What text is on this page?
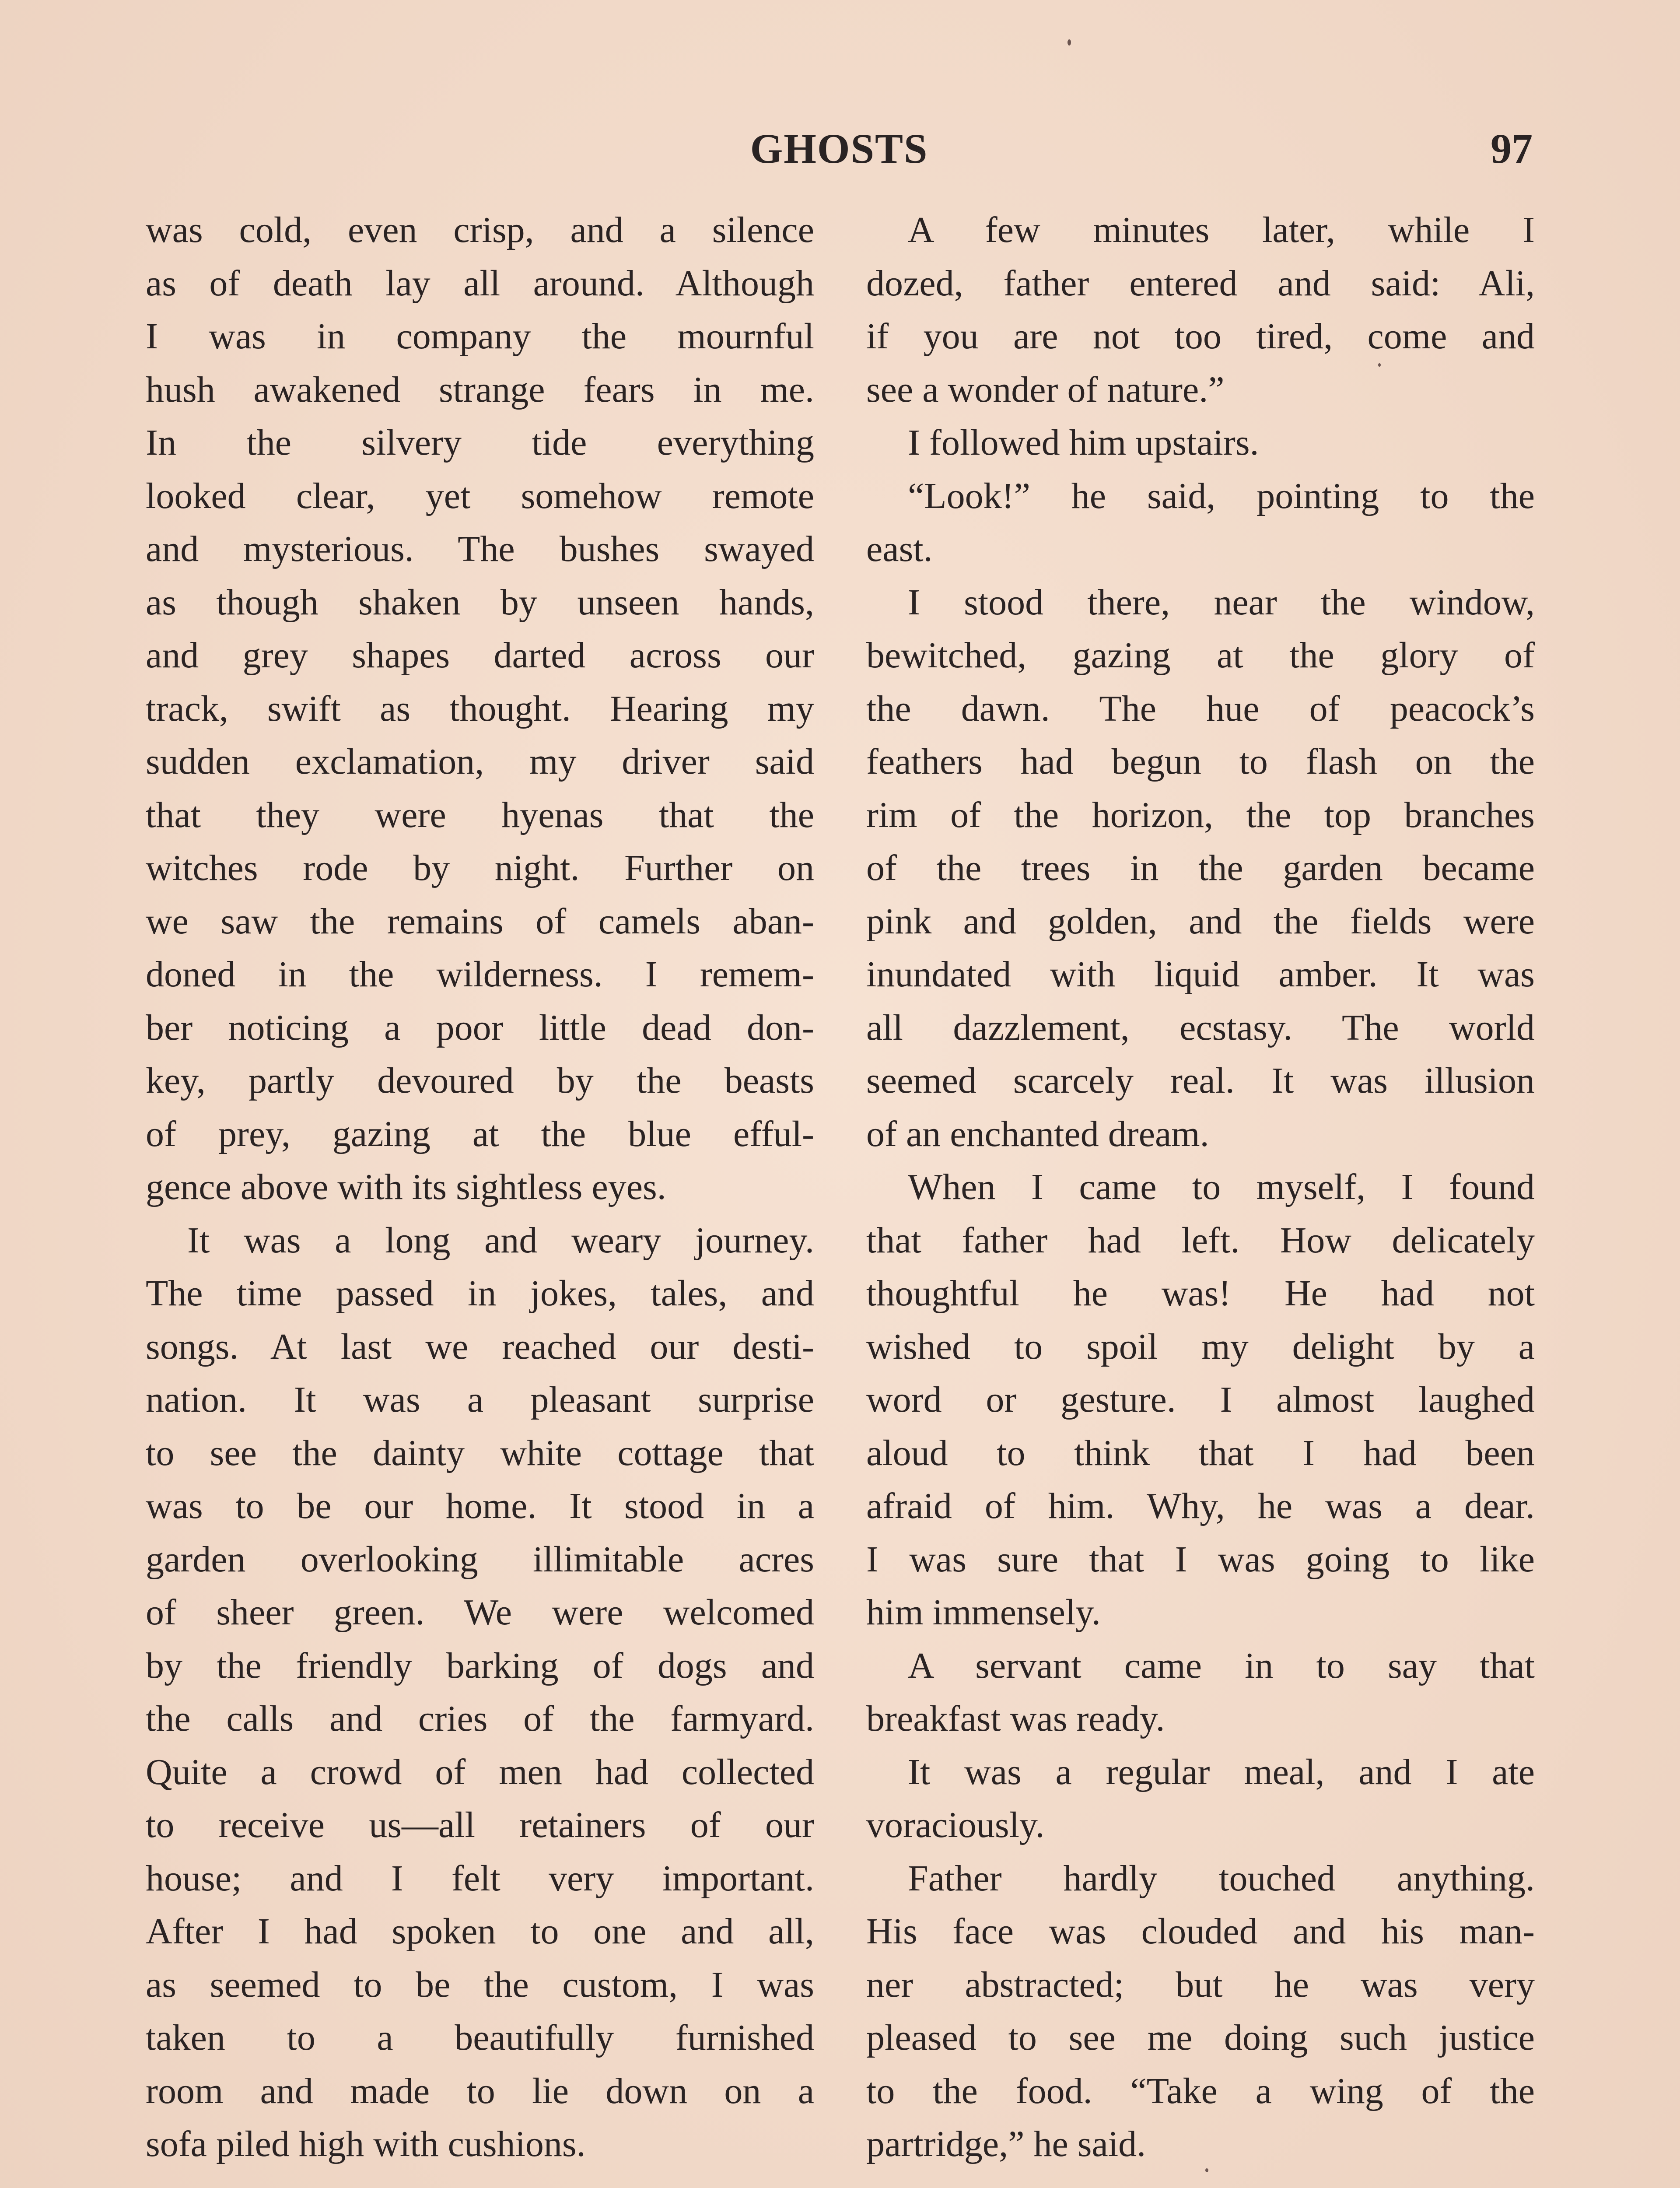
GHOSTS	97

was cold, even crisp, and a silence
as of death lay all around. Although
I was in company the mournful
hush awakened strange fears in me.
In the silvery tide everything
looked clear, yet somehow remote
and mysterious. The bushes swayed
as though shaken by unseen hands,
and grey shapes darted across our
track, swift as thought. Hearing my
sudden exclamation, my driver said
that they were hyenas that the
witches rode by night. Further on
we saw the remains of camels aban-
doned in the wilderness. I remem-
ber noticing a poor little dead don-
key, partly devoured by the beasts
of prey, gazing at the blue efful-
gence above with its sightless eyes.

It was a long and weary journey.
The time passed in jokes, tales, and
songs. At last we reached our desti-
nation. It was a pleasant surprise
to see the dainty white cottage that
was to be our home. It stood in a
garden overlooking illimitable acres
of sheer green. We were welcomed
by the friendly barking of dogs and
the calls and cries of the farmyard.
Quite a crowd of men had collected
to receive us—all retainers of our
house; and I felt very important.
After I had spoken to one and all,
as seemed to be the custom, I was
taken to a beautifully furnished
room and made to lie down on a
sofa piled high with cushions.

A few minutes later, while I
dozed, father entered and said: Ali,
if you are not too tired, come and
see a wonder of nature.”

I followed him upstairs.

“Look!” he said, pointing to the
east.

I stood there, near the window,
bewitched, gazing at the glory of
the dawn. The hue of peacock’s
feathers had begun to flash on the
rim of the horizon, the top branches
of the trees in the garden became
pink and golden, and the fields were
inundated with liquid amber. It was
all dazzlement, ecstasy. The world
seemed scarcely real. It was illusion
of an enchanted dream.

When I came to myself, I found
that father had left. How delicately
thoughtful he was! He had not
wished to spoil my delight by a
word or gesture. I almost laughed
aloud to think that I had been
afraid of him. Why, he was a dear.
I was sure that I was going to like
him immensely.

A servant came in to say that
breakfast was ready.

It was a regular meal, and I ate
voraciously.

Father hardly touched anything.
His face was clouded and his man-
ner abstracted; but he was very
pleased to see me doing such justice
to the food. “Take a wing of the
partridge,” he said.
